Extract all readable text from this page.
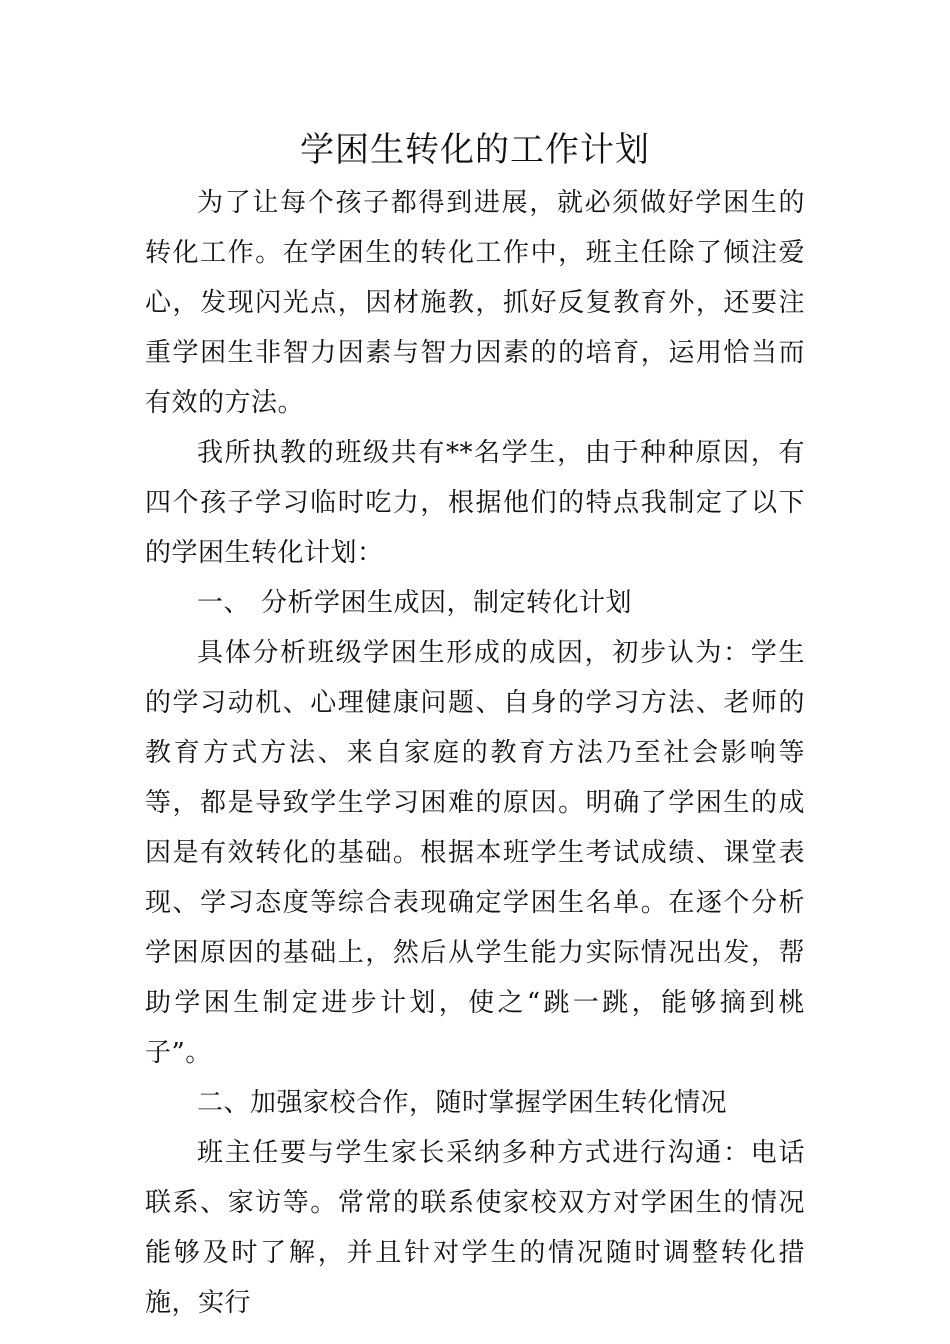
学困生转化的工作计划

为了让每个孩子都得到进展，就必须做好学困生的转化工作。在学困生的转化工作中，班主任除了倾注爱心，发现闪光点，因材施教，抓好反复教育外，还要注重学困生非智力因素与智力因素的的培育，运用恰当而有效的方法。

我所执教的班级共有**名学生，由于种种原因，有四个孩子学习临时吃力，根据他们的特点我制定了以下的学困生转化计划：

一、 分析学困生成因，制定转化计划

具体分析班级学困生形成的成因，初步认为：学生的学习动机、心理健康问题、自身的学习方法、老师的教育方式方法、来自家庭的教育方法乃至社会影响等等，都是导致学生学习困难的原因。明确了学困生的成因是有效转化的基础。根据本班学生考试成绩、课堂表现、学习态度等综合表现确定学困生名单。在逐个分析学困原因的基础上，然后从学生能力实际情况出发，帮助学困生制定进步计划，使之“跳一跳，能够摘到桃子”。

二、加强家校合作，随时掌握学困生转化情况

班主任要与学生家长采纳多种方式进行沟通：电话联系、家访等。常常的联系使家校双方对学困生的情况能够及时了解，并且针对学生的情况随时调整转化措施，实行
